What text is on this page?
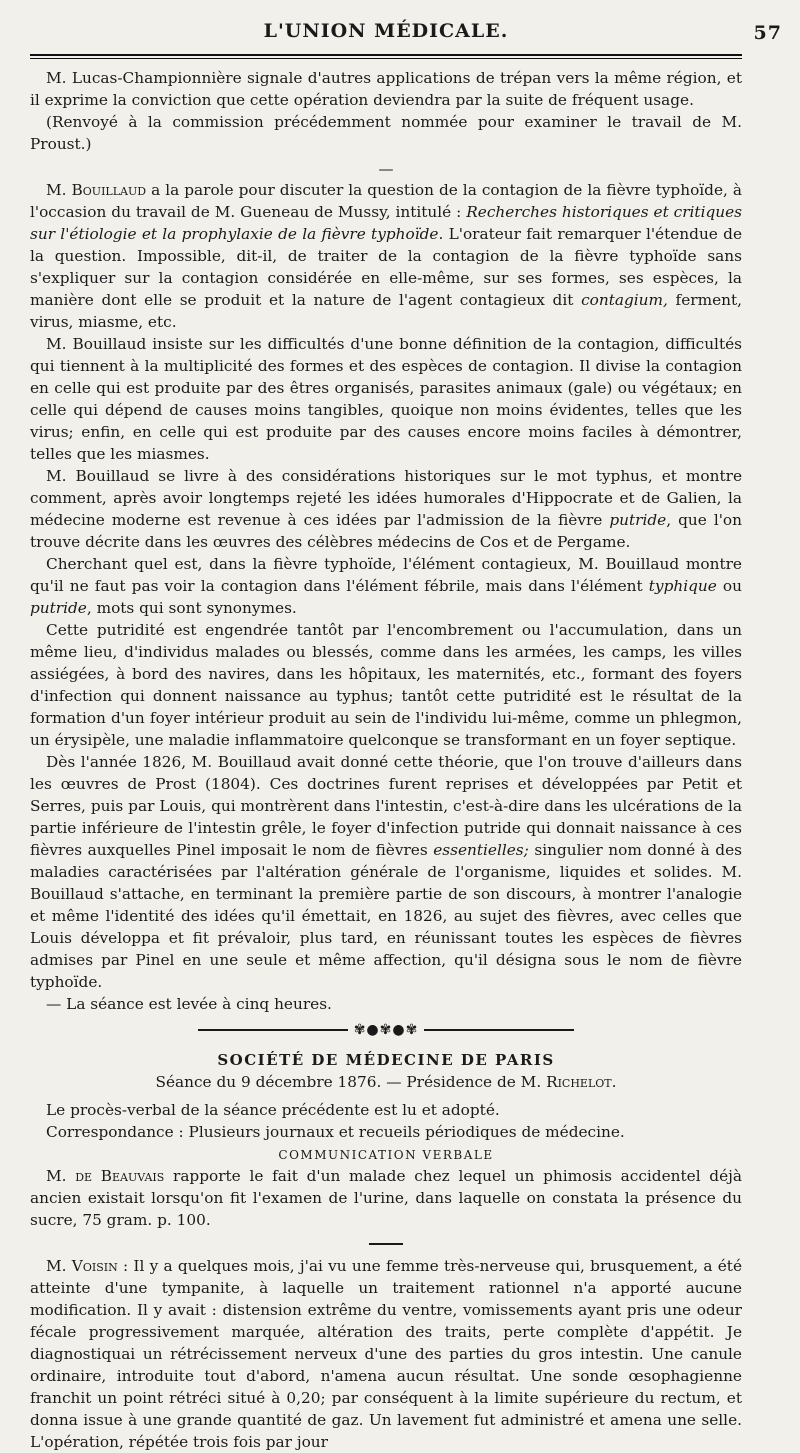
L'UNION MÉDICALE.	57

M. Lucas-Championnière signale d'autres applications de trépan vers la même région, et il exprime la conviction que cette opération deviendra par la suite de fréquent usage.

(Renvoyé à la commission précédemment nommée pour examiner le travail de M. Proust.)

—

M. Bouillaud a la parole pour discuter la question de la contagion de la fièvre typhoïde, à l'occasion du travail de M. Gueneau de Mussy, intitulé : Recherches historiques et critiques sur l'étiologie et la prophylaxie de la fièvre typhoïde. L'orateur fait remarquer l'étendue de la question. Impossible, dit-il, de traiter de la contagion de la fièvre typhoïde sans s'expliquer sur la contagion considérée en elle-même, sur ses formes, ses espèces, la manière dont elle se produit et la nature de l'agent contagieux dit contagium, ferment, virus, miasme, etc.

M. Bouillaud insiste sur les difficultés d'une bonne définition de la contagion, difficultés qui tiennent à la multiplicité des formes et des espèces de contagion. Il divise la contagion en celle qui est produite par des êtres organisés, parasites animaux (gale) ou végétaux; en celle qui dépend de causes moins tangibles, quoique non moins évidentes, telles que les virus; enfin, en celle qui est produite par des causes encore moins faciles à démontrer, telles que les miasmes.

M. Bouillaud se livre à des considérations historiques sur le mot typhus, et montre comment, après avoir longtemps rejeté les idées humorales d'Hippocrate et de Galien, la médecine moderne est revenue à ces idées par l'admission de la fièvre putride, que l'on trouve décrite dans les œuvres des célèbres médecins de Cos et de Pergame.

Cherchant quel est, dans la fièvre typhoïde, l'élément contagieux, M. Bouillaud montre qu'il ne faut pas voir la contagion dans l'élément fébrile, mais dans l'élément typhique ou putride, mots qui sont synonymes.

Cette putridité est engendrée tantôt par l'encombrement ou l'accumulation, dans un même lieu, d'individus malades ou blessés, comme dans les armées, les camps, les villes assiégées, à bord des navires, dans les hôpitaux, les maternités, etc., formant des foyers d'infection qui donnent naissance au typhus; tantôt cette putridité est le résultat de la formation d'un foyer intérieur produit au sein de l'individu lui-même, comme un phlegmon, un érysipèle, une maladie inflammatoire quelconque se transformant en un foyer septique.

Dès l'année 1826, M. Bouillaud avait donné cette théorie, que l'on trouve d'ailleurs dans les œuvres de Prost (1804). Ces doctrines furent reprises et développées par Petit et Serres, puis par Louis, qui montrèrent dans l'intestin, c'est-à-dire dans les ulcérations de la partie inférieure de l'intestin grêle, le foyer d'infection putride qui donnait naissance à ces fièvres auxquelles Pinel imposait le nom de fièvres essentielles; singulier nom donné à des maladies caractérisées par l'altération générale de l'organisme, liquides et solides. M. Bouillaud s'attache, en terminant la première partie de son discours, à montrer l'analogie et même l'identité des idées qu'il émettait, en 1826, au sujet des fièvres, avec celles que Louis développa et fit prévaloir, plus tard, en réunissant toutes les espèces de fièvres admises par Pinel en une seule et même affection, qu'il désigna sous le nom de fièvre typhoïde.

— La séance est levée à cinq heures.

✾●✾●✾
SOCIÉTÉ DE MÉDECINE DE PARIS
Séance du 9 décembre 1876. — Présidence de M. Richelot.

Le procès-verbal de la séance précédente est lu et adopté.

Correspondance : Plusieurs journaux et recueils périodiques de médecine.

COMMUNICATION VERBALE

M. de Beauvais rapporte le fait d'un malade chez lequel un phimosis accidentel déjà ancien existait lorsqu'on fit l'examen de l'urine, dans laquelle on constata la présence du sucre, 75 gram. p. 100.

M. Voisin : Il y a quelques mois, j'ai vu une femme très-nerveuse qui, brusquement, a été atteinte d'une tympanite, à laquelle un traitement rationnel n'a apporté aucune modification. Il y avait : distension extrême du ventre, vomissements ayant pris une odeur fécale progressivement marquée, altération des traits, perte complète d'appétit. Je diagnostiquai un rétrécissement nerveux d'une des parties du gros intestin. Une canule ordinaire, introduite tout d'abord, n'amena aucun résultat. Une sonde œsophagienne franchit un point rétréci situé à 0,20; par conséquent à la limite supérieure du rectum, et donna issue à une grande quantité de gaz. Un lavement fut administré et amena une selle. L'opération, répétée trois fois par jour
